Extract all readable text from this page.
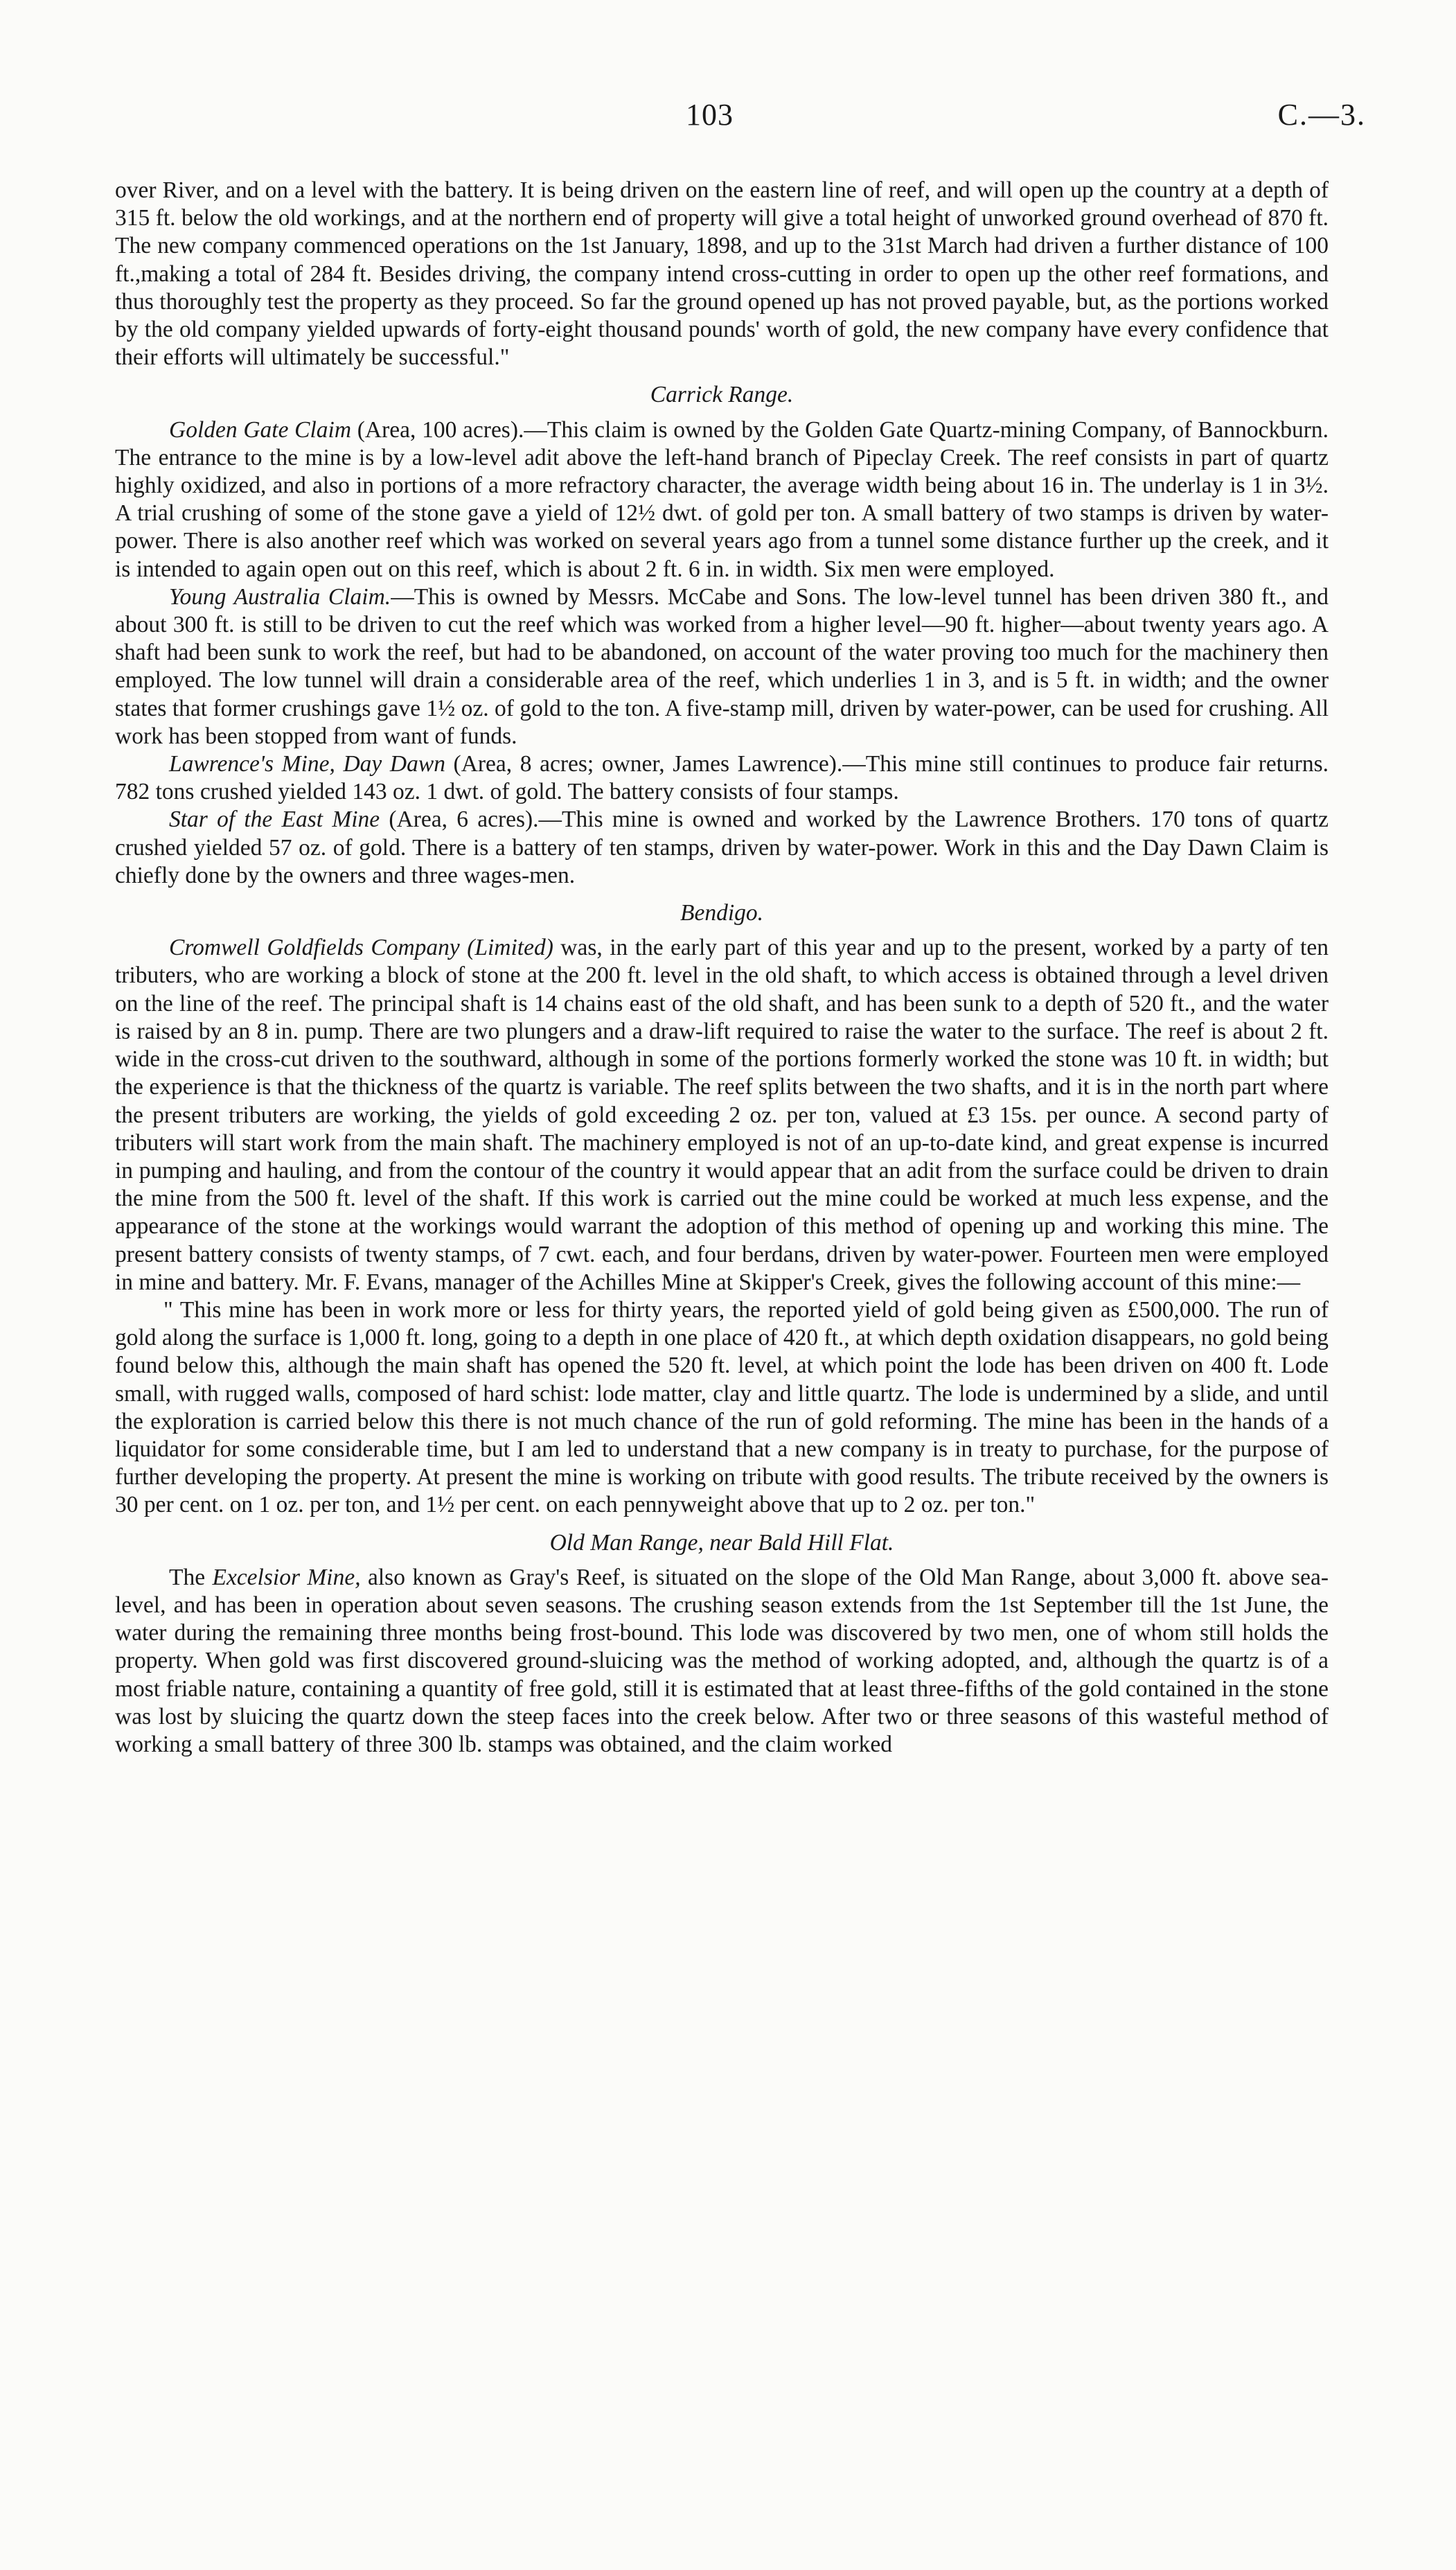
103	C.—3.

over River, and on a level with the battery. It is being driven on the eastern line of reef, and will open up the country at a depth of 315 ft. below the old workings, and at the northern end of property will give a total height of unworked ground overhead of 870 ft. The new company commenced operations on the 1st January, 1898, and up to the 31st March had driven a further distance of 100 ft.,making a total of 284 ft. Besides driving, the company intend cross-cutting in order to open up the other reef formations, and thus thoroughly test the property as they proceed. So far the ground opened up has not proved payable, but, as the portions worked by the old company yielded upwards of forty-eight thousand pounds' worth of gold, the new company have every confidence that their efforts will ultimately be successful."

Carrick Range.

Golden Gate Claim (Area, 100 acres).—This claim is owned by the Golden Gate Quartz-mining Company, of Bannockburn. The entrance to the mine is by a low-level adit above the left-hand branch of Pipeclay Creek. The reef consists in part of quartz highly oxidized, and also in portions of a more refractory character, the average width being about 16 in. The underlay is 1 in 3½. A trial crushing of some of the stone gave a yield of 12½ dwt. of gold per ton. A small battery of two stamps is driven by water-power. There is also another reef which was worked on several years ago from a tunnel some distance further up the creek, and it is intended to again open out on this reef, which is about 2 ft. 6 in. in width. Six men were employed.

Young Australia Claim.—This is owned by Messrs. McCabe and Sons. The low-level tunnel has been driven 380 ft., and about 300 ft. is still to be driven to cut the reef which was worked from a higher level—90 ft. higher—about twenty years ago. A shaft had been sunk to work the reef, but had to be abandoned, on account of the water proving too much for the machinery then employed. The low tunnel will drain a considerable area of the reef, which underlies 1 in 3, and is 5 ft. in width; and the owner states that former crushings gave 1½ oz. of gold to the ton. A five-stamp mill, driven by water-power, can be used for crushing. All work has been stopped from want of funds.

Lawrence's Mine, Day Dawn (Area, 8 acres; owner, James Lawrence).—This mine still continues to produce fair returns. 782 tons crushed yielded 143 oz. 1 dwt. of gold. The battery consists of four stamps.

Star of the East Mine (Area, 6 acres).—This mine is owned and worked by the Lawrence Brothers. 170 tons of quartz crushed yielded 57 oz. of gold. There is a battery of ten stamps, driven by water-power. Work in this and the Day Dawn Claim is chiefly done by the owners and three wages-men.

Bendigo.

Cromwell Goldfields Company (Limited) was, in the early part of this year and up to the present, worked by a party of ten tributers, who are working a block of stone at the 200 ft. level in the old shaft, to which access is obtained through a level driven on the line of the reef. The principal shaft is 14 chains east of the old shaft, and has been sunk to a depth of 520 ft., and the water is raised by an 8 in. pump. There are two plungers and a draw-lift required to raise the water to the surface. The reef is about 2 ft. wide in the cross-cut driven to the southward, although in some of the portions formerly worked the stone was 10 ft. in width; but the experience is that the thickness of the quartz is variable. The reef splits between the two shafts, and it is in the north part where the present tributers are working, the yields of gold exceeding 2 oz. per ton, valued at £3 15s. per ounce. A second party of tributers will start work from the main shaft. The machinery employed is not of an up-to-date kind, and great expense is incurred in pumping and hauling, and from the contour of the country it would appear that an adit from the surface could be driven to drain the mine from the 500 ft. level of the shaft. If this work is carried out the mine could be worked at much less expense, and the appearance of the stone at the workings would warrant the adoption of this method of opening up and working this mine. The present battery consists of twenty stamps, of 7 cwt. each, and four berdans, driven by water-power. Fourteen men were employed in mine and battery. Mr. F. Evans, manager of the Achilles Mine at Skipper's Creek, gives the following account of this mine:—

" This mine has been in work more or less for thirty years, the reported yield of gold being given as £500,000. The run of gold along the surface is 1,000 ft. long, going to a depth in one place of 420 ft., at which depth oxidation disappears, no gold being found below this, although the main shaft has opened the 520 ft. level, at which point the lode has been driven on 400 ft. Lode small, with rugged walls, composed of hard schist: lode matter, clay and little quartz. The lode is undermined by a slide, and until the exploration is carried below this there is not much chance of the run of gold reforming. The mine has been in the hands of a liquidator for some considerable time, but I am led to understand that a new company is in treaty to purchase, for the purpose of further developing the property. At present the mine is working on tribute with good results. The tribute received by the owners is 30 per cent. on 1 oz. per ton, and 1½ per cent. on each pennyweight above that up to 2 oz. per ton."

Old Man Range, near Bald Hill Flat.

The Excelsior Mine, also known as Gray's Reef, is situated on the slope of the Old Man Range, about 3,000 ft. above sea-level, and has been in operation about seven seasons. The crushing season extends from the 1st September till the 1st June, the water during the remaining three months being frost-bound. This lode was discovered by two men, one of whom still holds the property. When gold was first discovered ground-sluicing was the method of working adopted, and, although the quartz is of a most friable nature, containing a quantity of free gold, still it is estimated that at least three-fifths of the gold contained in the stone was lost by sluicing the quartz down the steep faces into the creek below. After two or three seasons of this wasteful method of working a small battery of three 300 lb. stamps was obtained, and the claim worked
